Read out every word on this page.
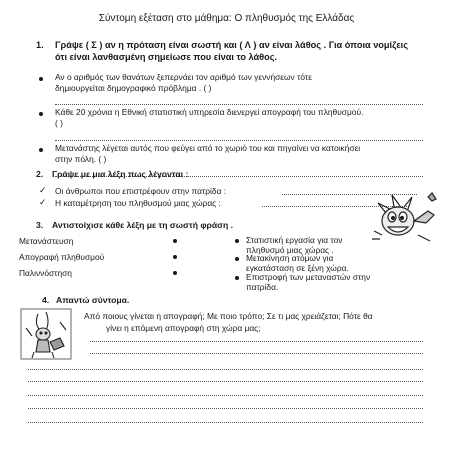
Σύντομη εξέταση στο μάθημα: Ο πληθυσμός της Ελλάδας
1. Γράψε ( Σ ) αν η πρόταση είναι σωστή και ( Λ ) αν είναι λάθος . Για όποια νομίζεις
ότι είναι λανθασμένη σημείωσε που είναι το λάθος.
Αν ο αριθμός των θανάτων ξεπερνάει τον αριθμό των γεννήσεων τότε
δημιουργείται δημογραφικό πρόβλημα . ( )
Κάθε 20 χρόνια η Εθνική στατιστική υπηρεσία διενεργεί απογραφή του πληθυσμού.
( )
Μετανάστης λέγεται αυτός που φεύγει από το χωριό του και πηγαίνει να κατοικήσει
στην πόλη. ( )
2. Γράψε με μια λέξη πως λέγονται :
✓ Οι άνθρωποι που επιστρέφουν στην πατρίδα :
✓ Η καταμέτρηση του πληθυσμού μιας χώρας :
3. Αντιστοίχισε κάθε λέξη με τη σωστή φράση .
Μετανάστευση
Απογραφή πληθυσμού
Παλιννόστηση
Στατιστική εργασία για τον
πληθυσμό μιας χώρας .
Μετακίνηση ατόμων για
εγκατάσταση σε ξένη χώρα.
Επιστροφή των μεταναστών στην
πατρίδα.
4. Απαντώ σύντομα.
Από ποιους γίνεται η απογραφή; Με ποιο τρόπο; Σε τι μας χρειάζεται; Πότε θα
γίνει η επόμενη απογραφή στη χώρα μας;
